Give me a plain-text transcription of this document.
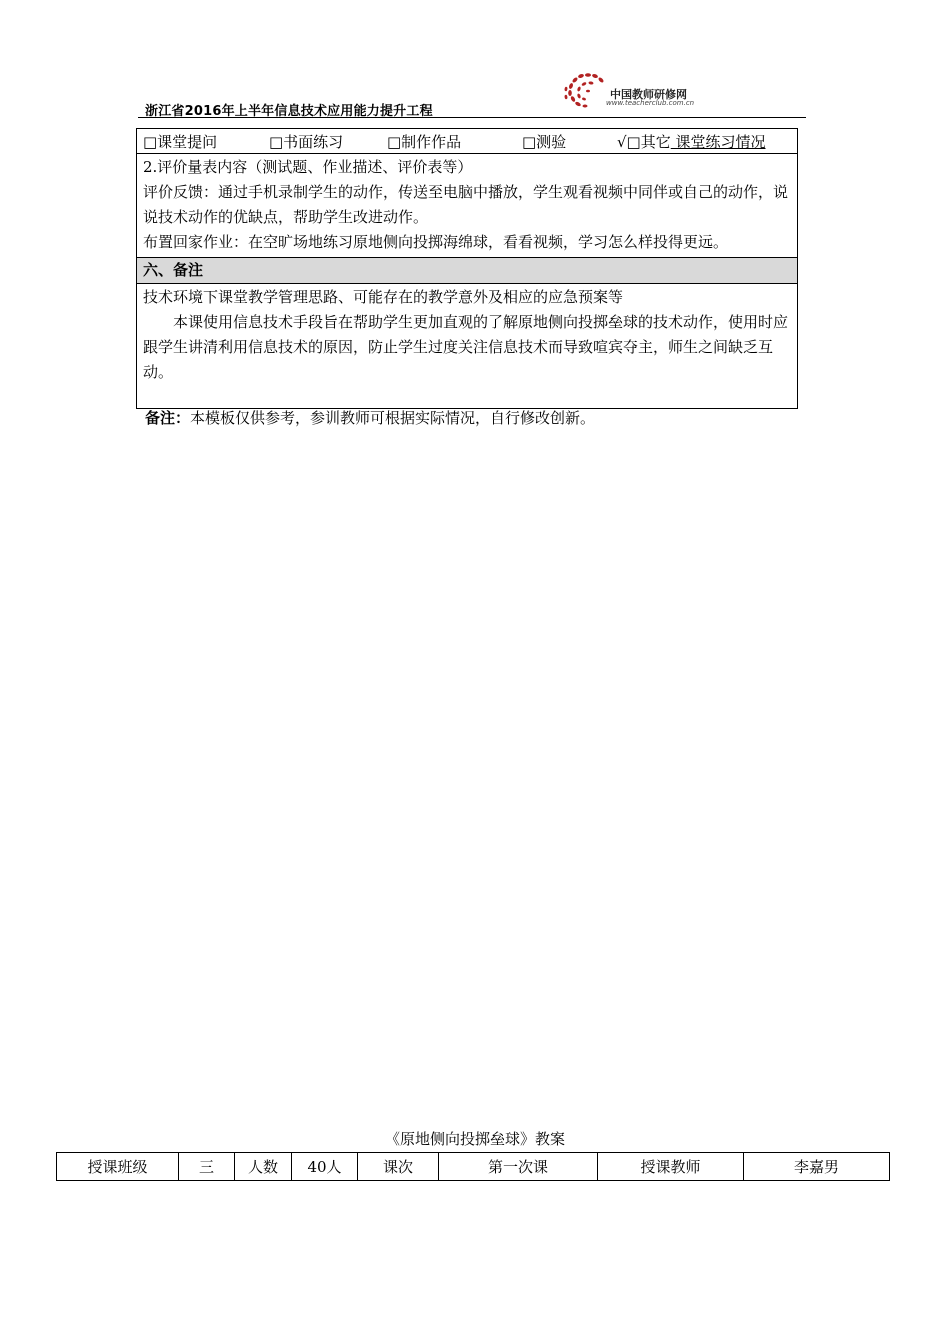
浙江省2016年上半年信息技术应用能力提升工程
中国教师研修网
www.teacherclub.com.cn
□课堂提问	□书面练习	□制作作品	□测验	√□其它 课堂练习情况

2.评价量表内容（测试题、作业描述、评价表等）

评价反馈：通过手机录制学生的动作，传送至电脑中播放，学生观看视频中同伴或自己的动作，说说技术动作的优缺点，帮助学生改进动作。

布置回家作业：在空旷场地练习原地侧向投掷海绵球，看看视频，学习怎么样投得更远。

六、备注

技术环境下课堂教学管理思路、可能存在的教学意外及相应的应急预案等

本课使用信息技术手段旨在帮助学生更加直观的了解原地侧向投掷垒球的技术动作，使用时应跟学生讲清利用信息技术的原因，防止学生过度关注信息技术而导致喧宾夺主，师生之间缺乏互动。

备注：本模板仅供参考，参训教师可根据实际情况，自行修改创新。
《原地侧向投掷垒球》教案
授课班级	三	人数	40人	课次	第一次课	授课教师	李嘉男
